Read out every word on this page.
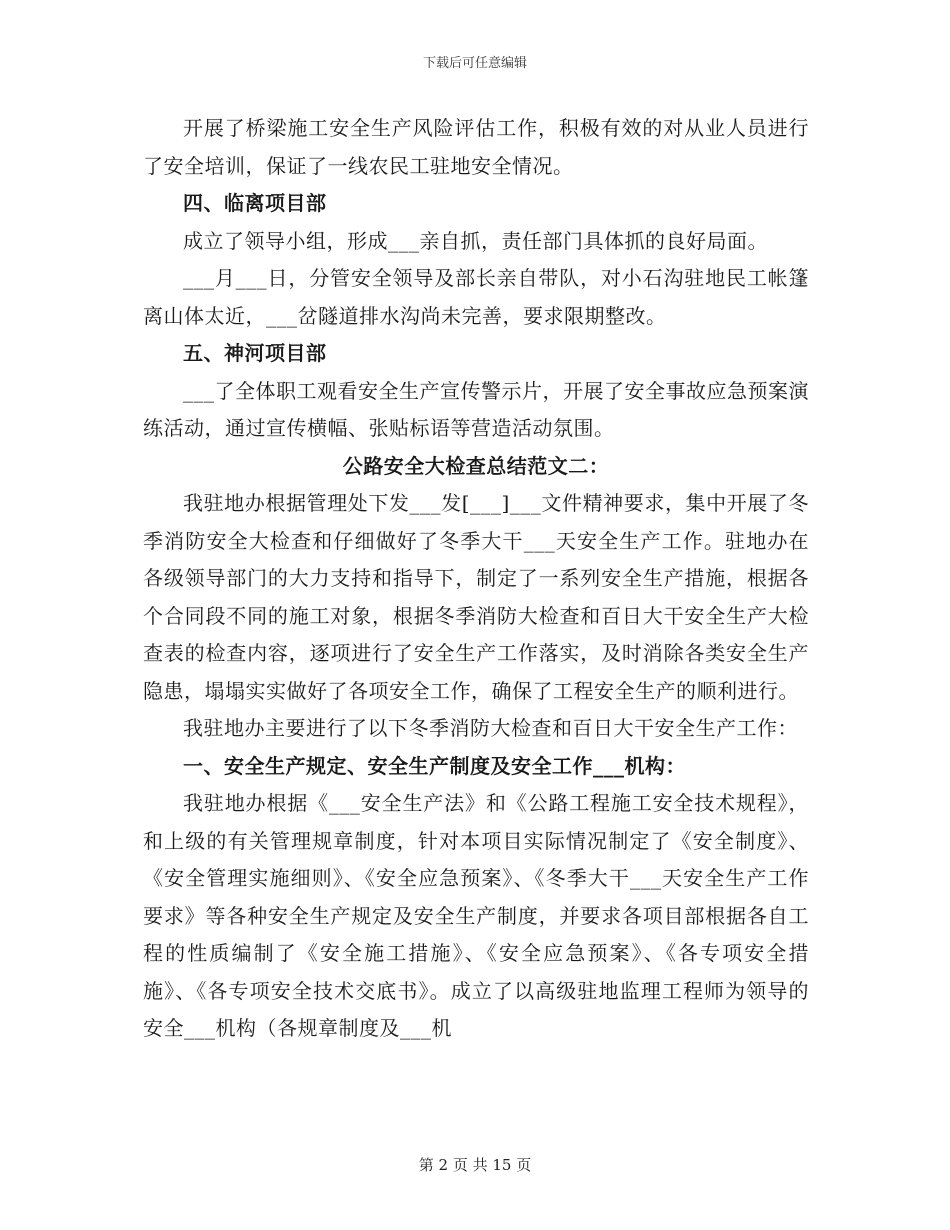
下载后可任意编辑

开展了桥梁施工安全生产风险评估工作，积极有效的对从业人员进行了安全培训，保证了一线农民工驻地安全情况。

四、临离项目部

成立了领导小组，形成___亲自抓，责任部门具体抓的良好局面。

___月___日，分管安全领导及部长亲自带队，对小石沟驻地民工帐篷离山体太近，___岔隧道排水沟尚未完善，要求限期整改。

五、神河项目部

___了全体职工观看安全生产宣传警示片，开展了安全事故应急预案演练活动，通过宣传横幅、张贴标语等营造活动氛围。

公路安全大检查总结范文二：

我驻地办根据管理处下发___发[___]___文件精神要求，集中开展了冬季消防安全大检查和仔细做好了冬季大干___天安全生产工作。驻地办在各级领导部门的大力支持和指导下，制定了一系列安全生产措施，根据各个合同段不同的施工对象，根据冬季消防大检查和百日大干安全生产大检查表的检查内容，逐项进行了安全生产工作落实，及时消除各类安全生产隐患，塌塌实实做好了各项安全工作，确保了工程安全生产的顺利进行。

我驻地办主要进行了以下冬季消防大检查和百日大干安全生产工作：

一、安全生产规定、安全生产制度及安全工作___机构：

我驻地办根据《___安全生产法》和《公路工程施工安全技术规程》，和上级的有关管理规章制度，针对本项目实际情况制定了《安全制度》、《安全管理实施细则》、《安全应急预案》、《冬季大干___天安全生产工作要求》等各种安全生产规定及安全生产制度，并要求各项目部根据各自工程的性质编制了《安全施工措施》、《安全应急预案》、《各专项安全措施》、《各专项安全技术交底书》。成立了以高级驻地监理工程师为领导的安全___机构（各规章制度及___机

第 2 页 共 15 页
